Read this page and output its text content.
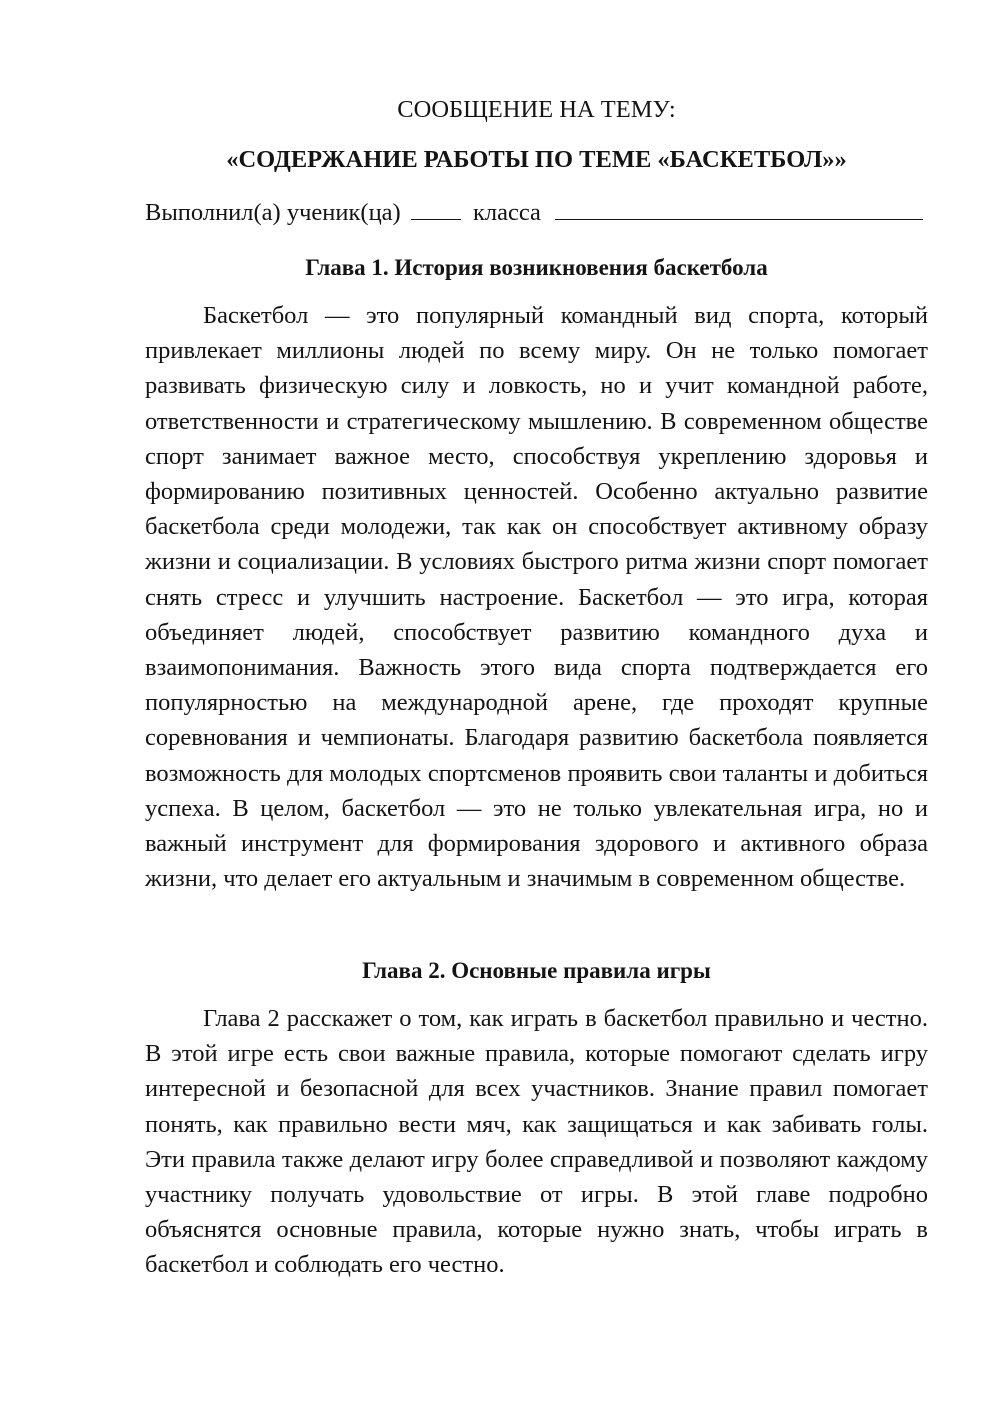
СООБЩЕНИЕ НА ТЕМУ:

«СОДЕРЖАНИЕ РАБОТЫ ПО ТЕМЕ «БАСКЕТБОЛ»»

Выполнил(а) ученик(ца)	класса
Глава 1. История возникновения баскетбола

Баскетбол — это популярный командный вид спорта, который привлекает миллионы людей по всему миру. Он не только помогает развивать физическую силу и ловкость, но и учит командной работе, ответственности и стратегическому мышлению. В современном обществе спорт занимает важное место, способствуя укреплению здоровья и формированию позитивных ценностей. Особенно актуально развитие баскетбола среди молодежи, так как он способствует активному образу жизни и социализации. В условиях быстрого ритма жизни спорт помогает снять стресс и улучшить настроение. Баскетбол — это игра, которая объединяет людей, способствует развитию командного духа и взаимопонимания. Важность этого вида спорта подтверждается его популярностью на международной арене, где проходят крупные соревнования и чемпионаты. Благодаря развитию баскетбола появляется возможность для молодых спортсменов проявить свои таланты и добиться успеха. В целом, баскетбол — это не только увлекательная игра, но и важный инструмент для формирования здорового и активного образа жизни, что делает его актуальным и значимым в современном обществе.

Глава 2. Основные правила игры

Глава 2 расскажет о том, как играть в баскетбол правильно и честно. В этой игре есть свои важные правила, которые помогают сделать игру интересной и безопасной для всех участников. Знание правил помогает понять, как правильно вести мяч, как защищаться и как забивать голы. Эти правила также делают игру более справедливой и позволяют каждому участнику получать удовольствие от игры. В этой главе подробно объяснятся основные правила, которые нужно знать, чтобы играть в баскетбол и соблюдать его честно.
